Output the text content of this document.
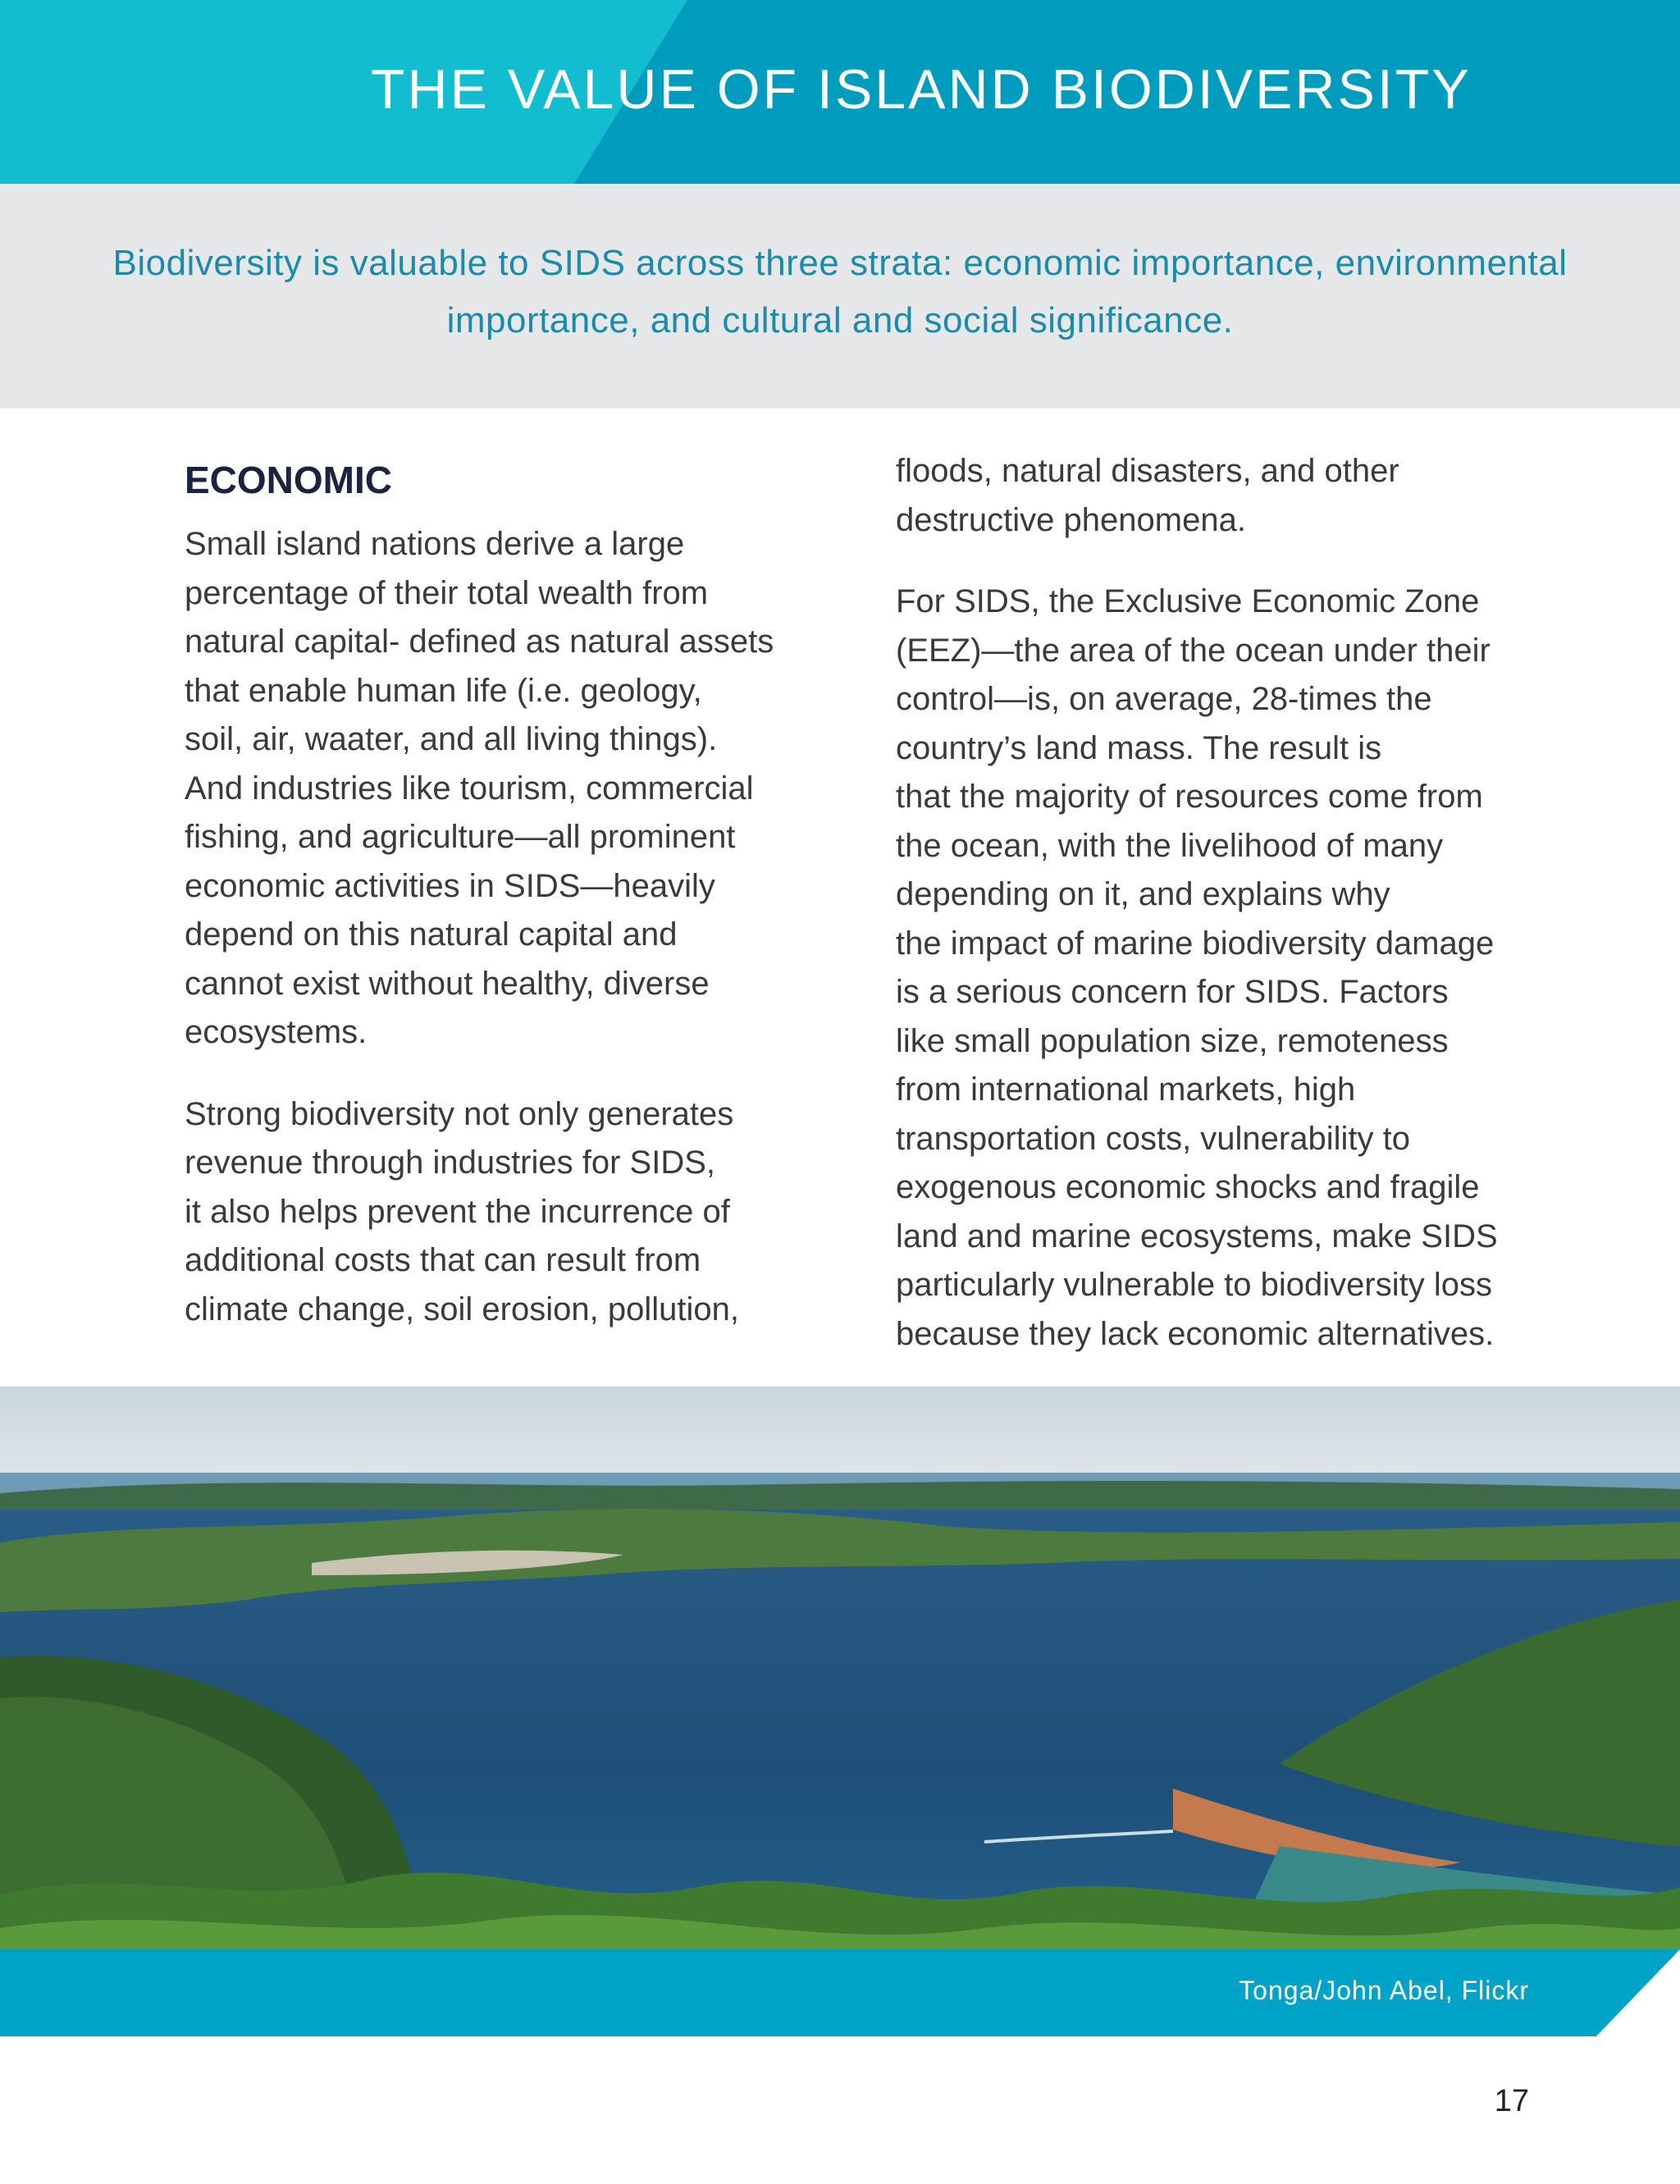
THE VALUE OF ISLAND BIODIVERSITY

Biodiversity is valuable to SIDS across three strata: economic importance, environmental importance, and cultural and social significance.

ECONOMIC

Small island nations derive a large
percentage of their total wealth from
natural capital- defined as natural assets
that enable human life (i.e. geology,
soil, air, waater, and all living things).
And industries like tourism, commercial
fishing, and agriculture—all prominent
economic activities in SIDS—heavily
depend on this natural capital and
cannot exist without healthy, diverse
ecosystems.

Strong biodiversity not only generates
revenue through industries for SIDS,
it also helps prevent the incurrence of
additional costs that can result from
climate change, soil erosion, pollution,

floods, natural disasters, and other
destructive phenomena.

For SIDS, the Exclusive Economic Zone
(EEZ)—the area of the ocean under their
control—is, on average, 28-times the
country’s land mass. The result is
that the majority of resources come from
the ocean, with the livelihood of many
depending on it, and explains why
the impact of marine biodiversity damage
is a serious concern for SIDS. Factors
like small population size, remoteness
from international markets, high
transportation costs, vulnerability to
exogenous economic shocks and fragile
land and marine ecosystems, make SIDS
particularly vulnerable to biodiversity loss
because they lack economic alternatives.

Tonga/John Abel, Flickr
17
